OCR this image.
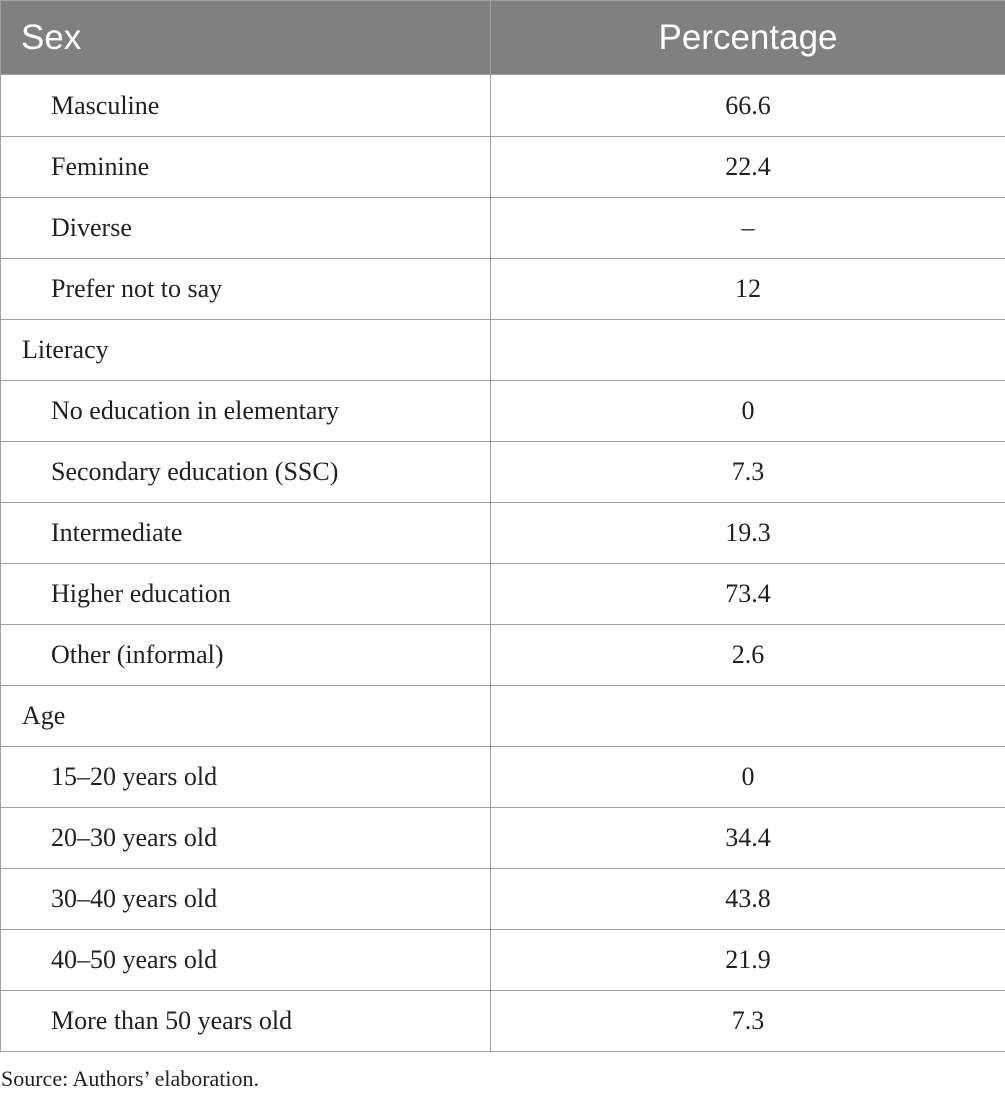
Sex	Percentage
Masculine	66.6
Feminine	22.4
Diverse	–
Prefer not to say	12
Literacy	
No education in elementary	0
Secondary education (SSC)	7.3
Intermediate	19.3
Higher education	73.4
Other (informal)	2.6
Age	
15–20 years old	0
20–30 years old	34.4
30–40 years old	43.8
40–50 years old	21.9
More than 50 years old	7.3
Source: Authors’ elaboration.
